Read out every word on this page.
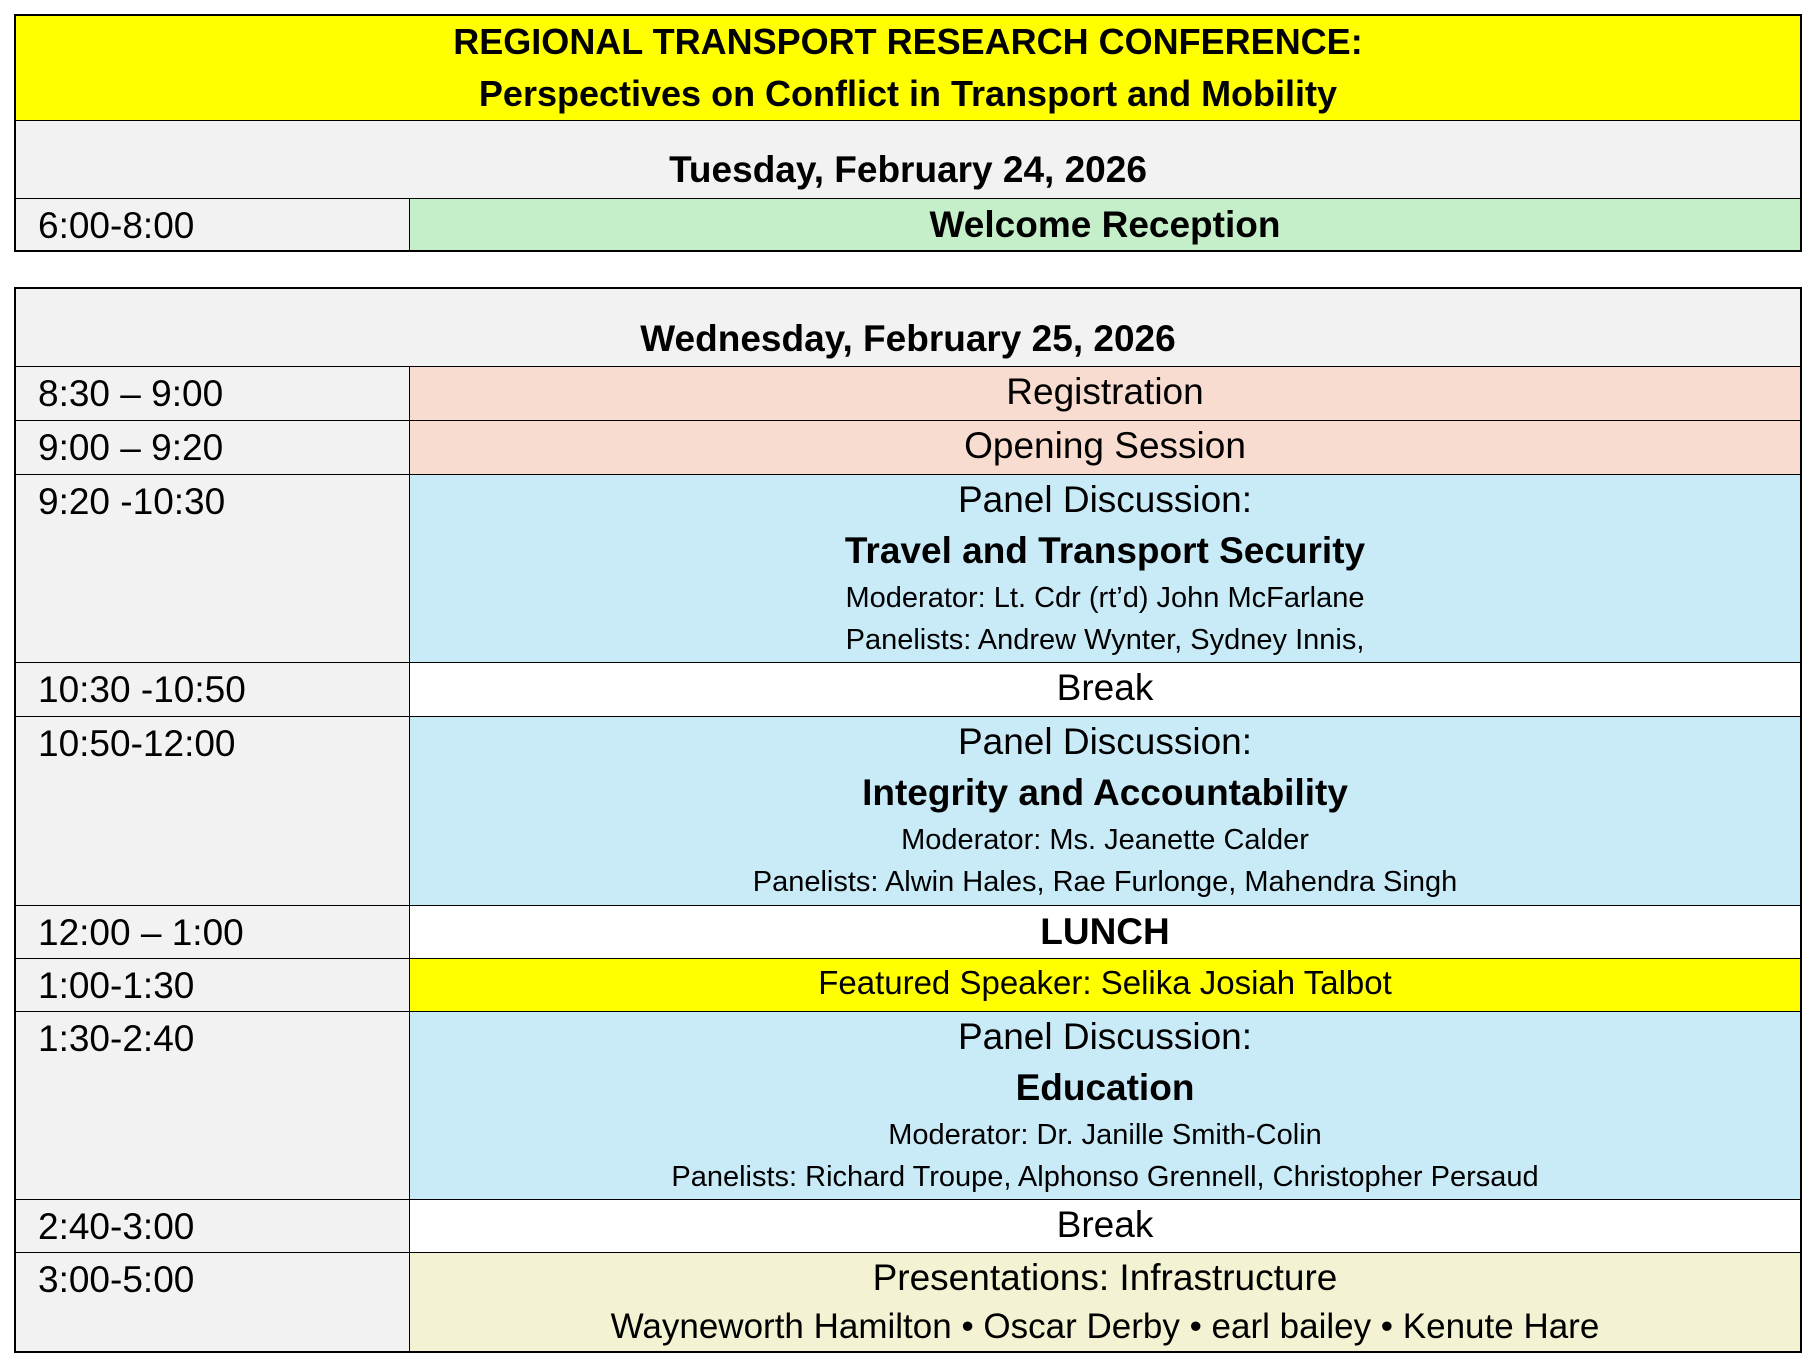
REGIONAL TRANSPORT RESEARCH CONFERENCE:
Perspectives on Conflict in Transport and Mobility
Tuesday, February 24, 2026
6:00-8:00	Welcome Reception
Wednesday, February 25, 2026
8:30 – 9:00	Registration
9:00 – 9:20	Opening Session
9:20 -10:30	Panel Discussion:
Travel and Transport Security
Moderator: Lt. Cdr (rt’d) John McFarlane
Panelists: Andrew Wynter, Sydney Innis,
10:30 -10:50	Break
10:50-12:00	Panel Discussion:
Integrity and Accountability
Moderator: Ms. Jeanette Calder
Panelists: Alwin Hales, Rae Furlonge, Mahendra Singh
12:00 – 1:00	LUNCH
1:00-1:30	Featured Speaker: Selika Josiah Talbot
1:30-2:40	Panel Discussion:
Education
Moderator: Dr. Janille Smith-Colin
Panelists: Richard Troupe, Alphonso Grennell, Christopher Persaud
2:40-3:00	Break
3:00-5:00	Presentations: Infrastructure
Wayneworth Hamilton • Oscar Derby • earl bailey • Kenute Hare
